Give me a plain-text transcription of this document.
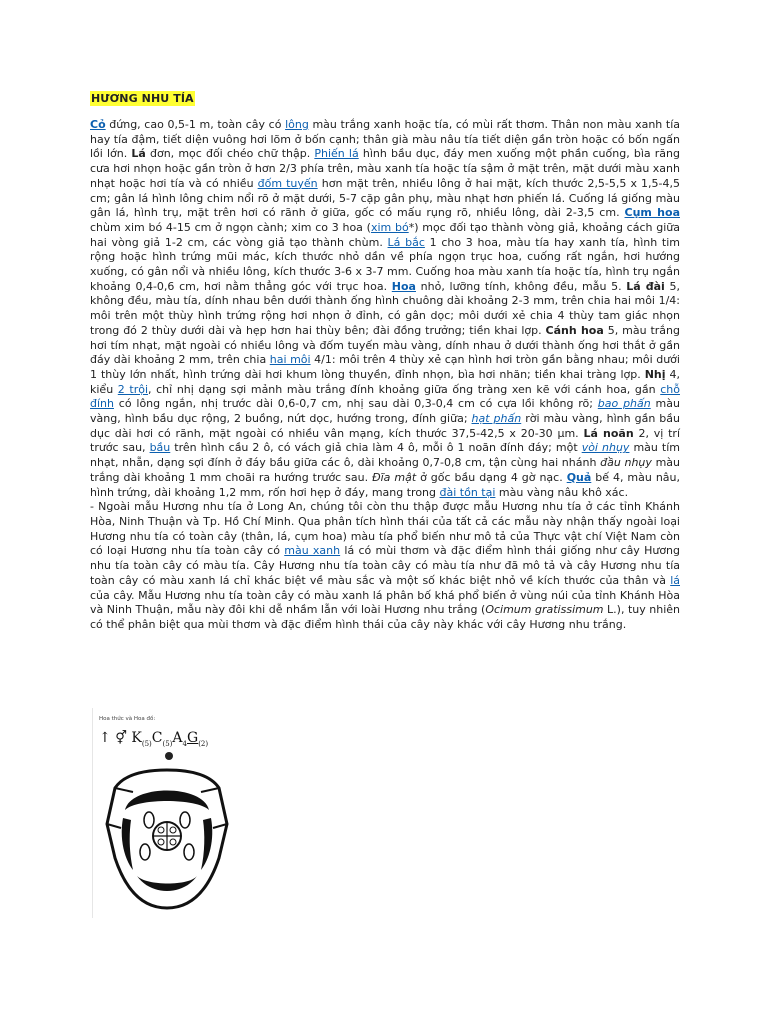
HƯƠNG NHU TÍA

Cỏ đứng, cao 0,5-1 m, toàn cây có lông màu trắng xanh hoặc tía, có mùi rất thơm. Thân non màu xanh tía hay tía đậm, tiết diện vuông hơi lõm ở bốn cạnh; thân già màu nâu tía tiết diện gần tròn hoặc có bốn ngấn lồi lớn. Lá đơn, mọc đối chéo chữ thập. Phiến lá hình bầu dục, đáy men xuống một phần cuống, bìa răng cưa hơi nhọn hoặc gần tròn ở hơn 2/3 phía trên, màu xanh tía hoặc tía sậm ở mặt trên, mặt dưới màu xanh nhạt hoặc hơi tía và có nhiều đốm tuyến hơn mặt trên, nhiều lông ở hai mặt, kích thước 2,5-5,5 x 1,5-4,5 cm; gân lá hình lông chim nổi rõ ở mặt dưới, 5-7 cặp gân phụ, màu nhạt hơn phiến lá. Cuống lá giống màu gân lá, hình trụ, mặt trên hơi có rãnh ở giữa, gốc có mấu rụng rõ, nhiều lông, dài 2-3,5 cm. Cụm hoa chùm xim bó 4-15 cm ở ngọn cành; xim co 3 hoa (xim bó*) mọc đối tạo thành vòng giả, khoảng cách giữa hai vòng giả 1-2 cm, các vòng giả tạo thành chùm. Lá bắc 1 cho 3 hoa, màu tía hay xanh tía, hình tim rộng hoặc hình trứng mũi mác, kích thước nhỏ dần về phía ngọn trục hoa, cuống rất ngắn, hơi hướng xuống, có gân nổi và nhiều lông, kích thước 3-6 x 3-7 mm. Cuống hoa màu xanh tía hoặc tía, hình trụ ngắn khoảng 0,4-0,6 cm, hơi nằm thẳng góc với trục hoa. Hoa nhỏ, lưỡng tính, không đều, mẫu 5. Lá đài 5, không đều, màu tía, dính nhau bên dưới thành ống hình chuông dài khoảng 2-3 mm, trên chia hai môi 1/4: môi trên một thùy hình trứng rộng hơi nhọn ở đỉnh, có gân dọc; môi dưới xẻ chia 4 thùy tam giác nhọn trong đó 2 thùy dưới dài và hẹp hơn hai thùy bên; đài đồng trưởng; tiền khai lợp. Cánh hoa 5, màu trắng hơi tím nhạt, mặt ngoài có nhiều lông và đốm tuyến màu vàng, dính nhau ở dưới thành ống hơi thắt ở gần đáy dài khoảng 2 mm, trên chia hai môi 4/1: môi trên 4 thùy xẻ cạn hình hơi tròn gần bằng nhau; môi dưới 1 thùy lớn nhất, hình trứng dài hơi khum lòng thuyền, đỉnh nhọn, bìa hơi nhăn; tiền khai tràng lợp. Nhị 4, kiểu 2 trội, chỉ nhị dạng sợi mảnh màu trắng đính khoảng giữa ống tràng xen kẽ với cánh hoa, gần chỗ đính có lông ngắn, nhị trước dài 0,6-0,7 cm, nhị sau dài 0,3-0,4 cm có cựa lồi không rõ; bao phấn màu vàng, hình bầu dục rộng, 2 buồng, nứt dọc, hướng trong, đính giữa; hạt phấn rời màu vàng, hình gần bầu dục dài hơi có rãnh, mặt ngoài có nhiều vân mạng, kích thước 37,5-42,5 x 20-30 µm. Lá noãn 2, vị trí trước sau, bầu trên hình cầu 2 ô, có vách giả chia làm 4 ô, mỗi ô 1 noãn đính đáy; một vòi nhụy màu tím nhạt, nhẵn, dạng sợi đính ở đáy bầu giữa các ô, dài khoảng 0,7-0,8 cm, tận cùng hai nhánh đầu nhụy màu trắng dài khoảng 1 mm choãi ra hướng trước sau. Đĩa mật ở gốc bầu dạng 4 gờ nạc. Quả bế 4, màu nâu, hình trứng, dài khoảng 1,2 mm, rốn hơi hẹp ở đáy, mang trong đài tồn tại màu vàng nâu khô xác.

- Ngoài mẫu Hương nhu tía ở Long An, chúng tôi còn thu thập được mẫu Hương nhu tía ở các tỉnh Khánh Hòa, Ninh Thuận và Tp. Hồ Chí Minh. Qua phân tích hình thái của tất cả các mẫu này nhận thấy ngoài loại Hương nhu tía có toàn cây (thân, lá, cụm hoa) màu tía phổ biến như mô tả của Thực vật chí Việt Nam còn có loại Hương nhu tía toàn cây có màu xanh lá có mùi thơm và đặc điểm hình thái giống như cây Hương nhu tía toàn cây có màu tía. Cây Hương nhu tía toàn cây có màu tía như đã mô tả và cây Hương nhu tía toàn cây có màu xanh lá chỉ khác biệt về màu sắc và một số khác biệt nhỏ về kích thước của thân và lá của cây. Mẫu Hương nhu tía toàn cây có màu xanh lá phân bố khá phổ biến ở vùng núi của tỉnh Khánh Hòa và Ninh Thuận, mẫu này đôi khi dễ nhầm lẫn với loài Hương nhu trắng (Ocimum gratissimum L.), tuy nhiên có thể phân biệt qua mùi thơm và đặc điểm hình thái của cây này khác với cây Hương nhu trắng.

Hoa thức và Hoa đồ:
↑ ⚥ $K_{(5)}C_{(5)}A_4G_{(2)}$
